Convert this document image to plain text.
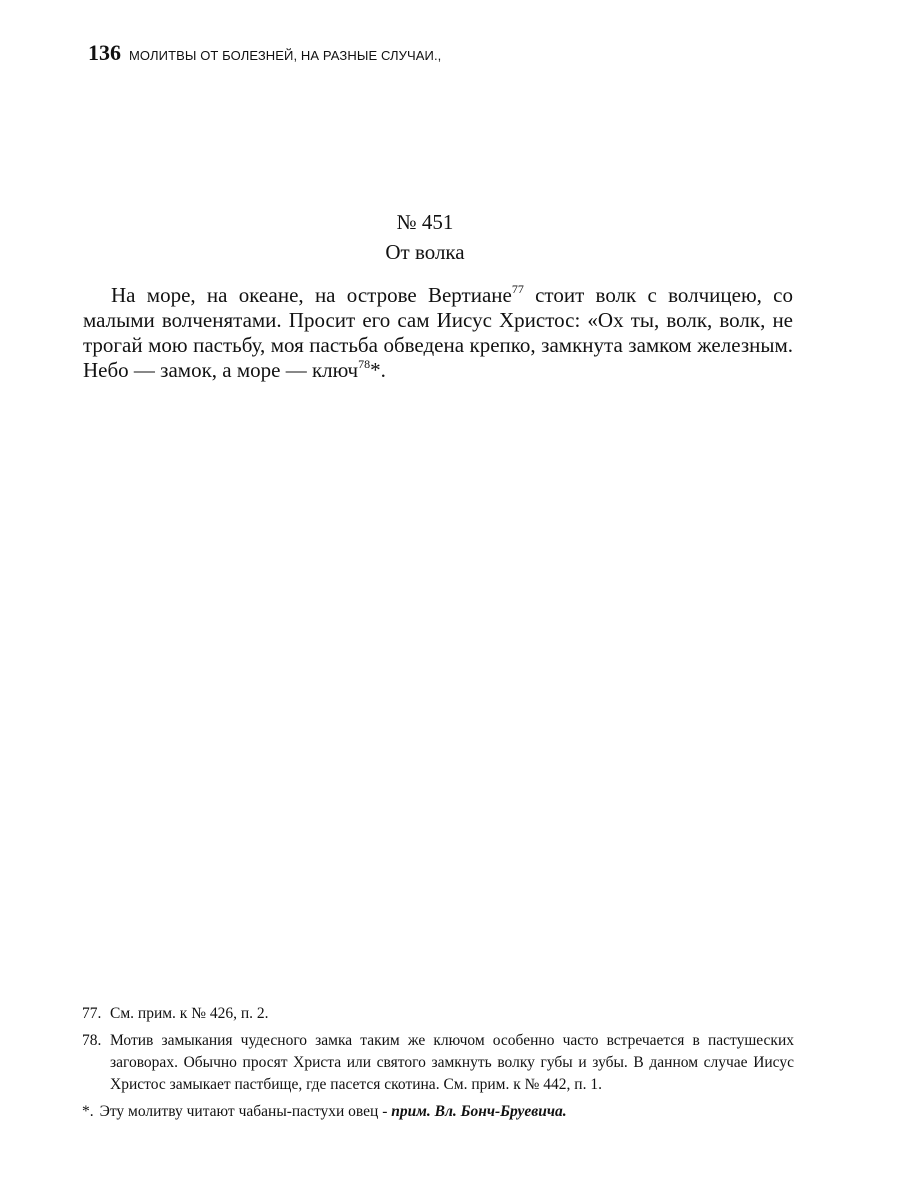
136 МОЛИТВЫ ОТ БОЛЕЗНЕЙ, НА РАЗНЫЕ СЛУЧАИ.,
№ 451
От волка

На море, на океане, на острове Вертиане$^{77}$ стоит волк с волчицею, со малыми волченятами. Просит его сам Иисус Христос: «Ох ты, волк, волк, не трогай мою пастьбу, моя пастьба обведена крепко, замкнута замком железным. Небо — замок, а море — ключ$^{78}$*.

77. См. прим. к № 426, п. 2.
78. Мотив замыкания чудесного замка таким же ключом особенно часто встречается в пастушеских заговорах. Обычно просят Христа или святого замкнуть волку губы и зубы. В данном случае Иисус Христос замыкает пастбище, где пасется скотина. См. прим. к № 442, п. 1.
*. Эту молитву читают чабаны-пастухи овец - прим. Вл. Бонч-Бруевича.
